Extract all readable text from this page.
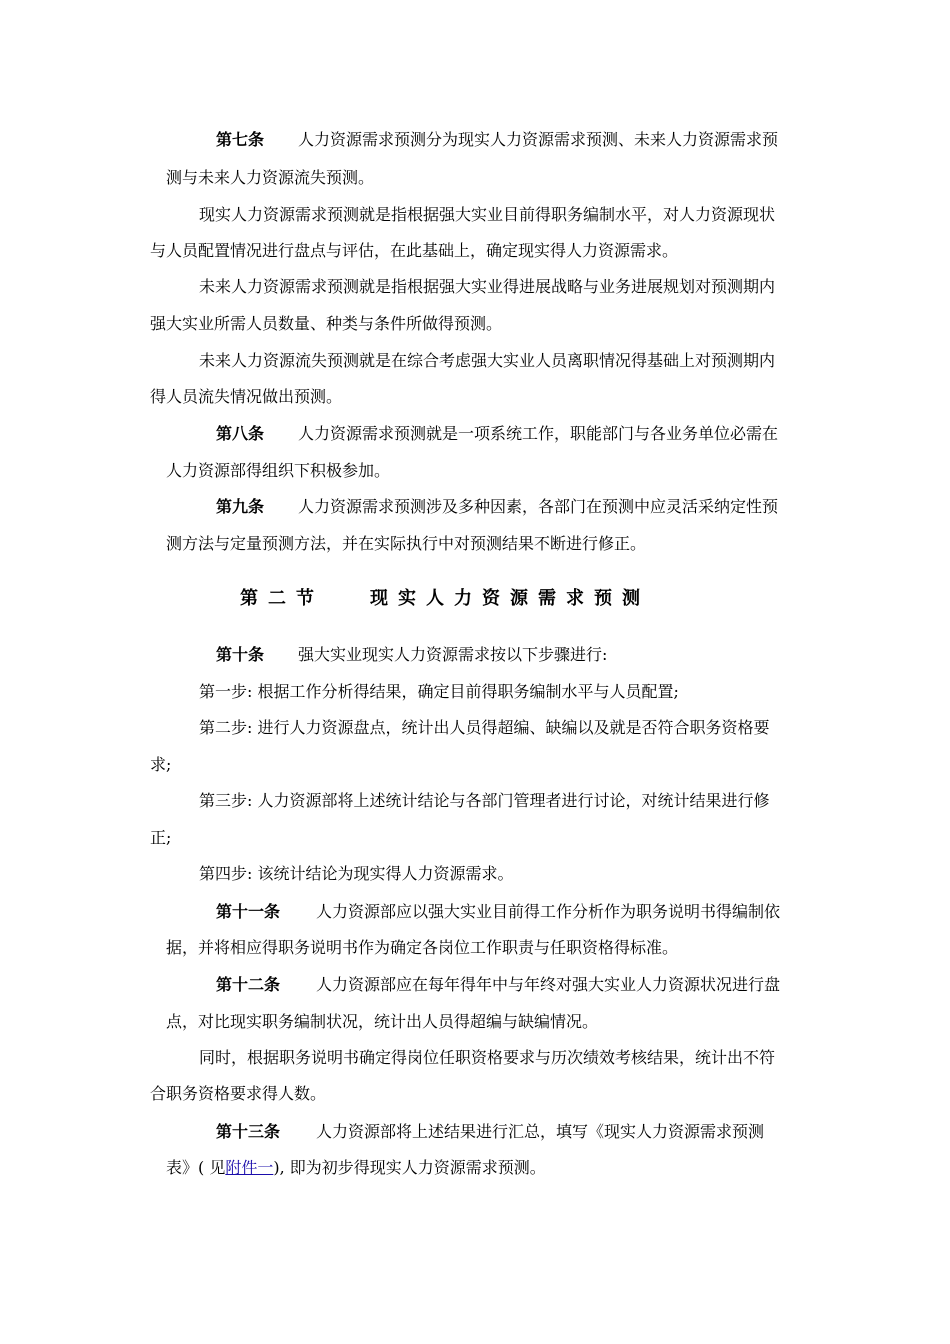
第七条 人力资源需求预测分为现实人力资源需求预测、未来人力资源需求预
测与未来人力资源流失预测。
现实人力资源需求预测就是指根据强大实业目前得职务编制水平，对人力资源现状
与人员配置情况进行盘点与评估，在此基础上，确定现实得人力资源需求。
未来人力资源需求预测就是指根据强大实业得进展战略与业务进展规划对预测期内
强大实业所需人员数量、种类与条件所做得预测。
未来人力资源流失预测就是在综合考虑强大实业人员离职情况得基础上对预测期内
得人员流失情况做出预测。
第八条 人力资源需求预测就是一项系统工作，职能部门与各业务单位必需在
人力资源部得组织下积极参加。
第九条 人力资源需求预测涉及多种因素，各部门在预测中应灵活采纳定性预
测方法与定量预测方法，并在实际执行中对预测结果不断进行修正。
第二节	现实人力资源需求预测
第十条 强大实业现实人力资源需求按以下步骤进行:
第一步: 根据工作分析得结果，确定目前得职务编制水平与人员配置;
第二步: 进行人力资源盘点，统计出人员得超编、缺编以及就是否符合职务资格要
求;
第三步: 人力资源部将上述统计结论与各部门管理者进行讨论，对统计结果进行修
正;
第四步: 该统计结论为现实得人力资源需求。
第十一条 人力资源部应以强大实业目前得工作分析作为职务说明书得编制依
据，并将相应得职务说明书作为确定各岗位工作职责与任职资格得标准。
第十二条 人力资源部应在每年得年中与年终对强大实业人力资源状况进行盘
点，对比现实职务编制状况，统计出人员得超编与缺编情况。
同时，根据职务说明书确定得岗位任职资格要求与历次绩效考核结果，统计出不符
合职务资格要求得人数。
第十三条 人力资源部将上述结果进行汇总，填写《现实人力资源需求预测
表》( 见附件一), 即为初步得现实人力资源需求预测。
